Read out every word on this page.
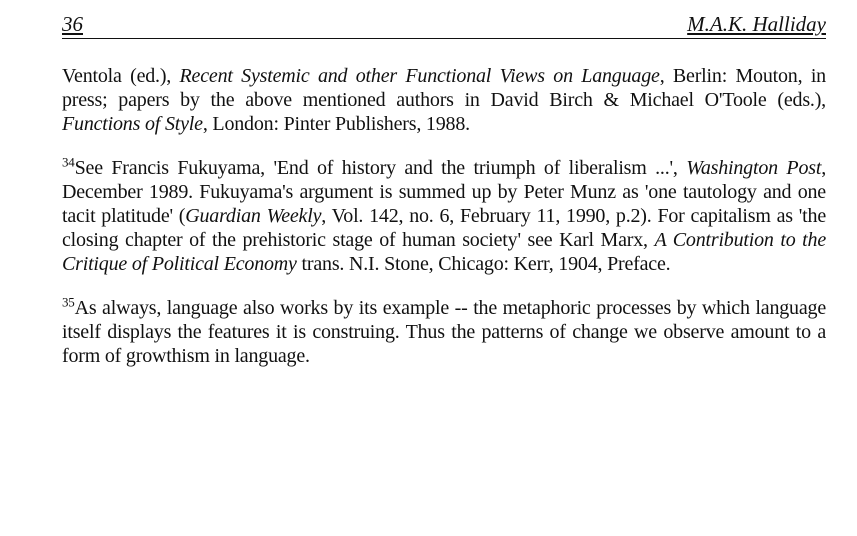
36	M.A.K. Halliday

Ventola (ed.), Recent Systemic and other Functional Views on Language, Berlin: Mouton, in press; papers by the above mentioned authors in David Birch & Michael O'Toole (eds.), Functions of Style, London: Pinter Publishers, 1988.

$^{34}$See Francis Fukuyama, 'End of history and the triumph of liberalism ...', Washington Post, December 1989. Fukuyama's argument is summed up by Peter Munz as 'one tautology and one tacit platitude' (Guardian Weekly, Vol. 142, no. 6, February 11, 1990, p.2). For capitalism as 'the closing chapter of the prehistoric stage of human society' see Karl Marx, A Contribution to the Critique of Political Economy trans. N.I. Stone, Chicago: Kerr, 1904, Preface.

$^{35}$As always, language also works by its example -- the metaphoric processes by which language itself displays the features it is construing. Thus the patterns of change we observe amount to a form of growthism in language.
